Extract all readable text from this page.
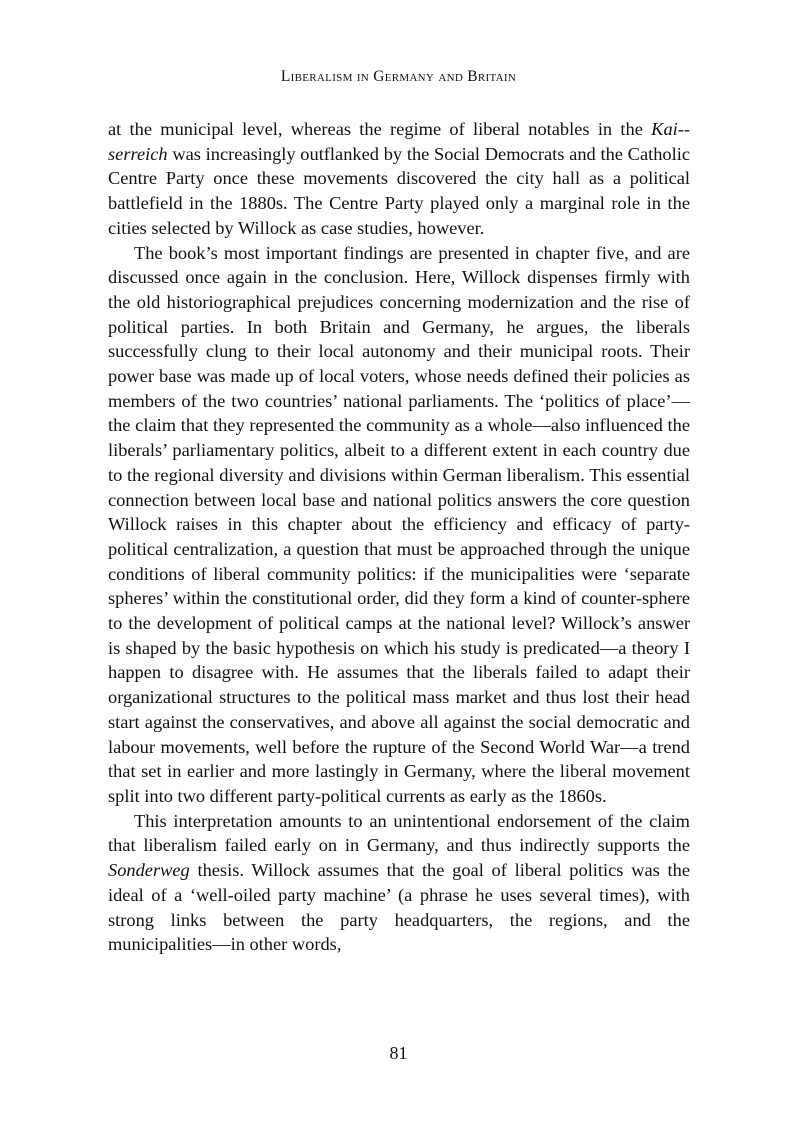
Liberalism in Germany and Britain

at the municipal level, whereas the regime of liberal notables in the Kai-serreich was increasingly outflanked by the Social Democrats and the Catholic Centre Party once these movements discovered the city hall as a political battlefield in the 1880s. The Centre Party played only a marginal role in the cities selected by Willock as case studies, however.

The book’s most important findings are presented in chapter five, and are discussed once again in the conclusion. Here, Willock dispenses firmly with the old historiographical prejudices concerning modernization and the rise of political parties. In both Britain and Germany, he argues, the liberals successfully clung to their local autonomy and their municipal roots. Their power base was made up of local voters, whose needs defined their policies as members of the two countries’ national parliaments. The ‘politics of place’—the claim that they represented the community as a whole—also influenced the liberals’ parliamentary politics, albeit to a different extent in each country due to the regional diversity and divisions within German liberalism. This essential connection between local base and national politics answers the core question Willock raises in this chapter about the efficiency and efficacy of party-political centralization, a question that must be approached through the unique conditions of liberal community politics: if the municipalities were ‘separate spheres’ within the constitutional order, did they form a kind of counter-sphere to the development of political camps at the national level? Willock’s answer is shaped by the basic hypothesis on which his study is predicated—a theory I happen to disagree with. He assumes that the liberals failed to adapt their organizational structures to the political mass market and thus lost their head start against the conservatives, and above all against the social democratic and labour movements, well before the rupture of the Second World War—a trend that set in earlier and more lastingly in Germany, where the liberal movement split into two different party-political currents as early as the 1860s.

This interpretation amounts to an unintentional endorsement of the claim that liberalism failed early on in Germany, and thus indirectly supports the Sonderweg thesis. Willock assumes that the goal of liberal politics was the ideal of a ‘well-oiled party machine’ (a phrase he uses several times), with strong links between the party headquarters, the regions, and the municipalities—in other words,

81
